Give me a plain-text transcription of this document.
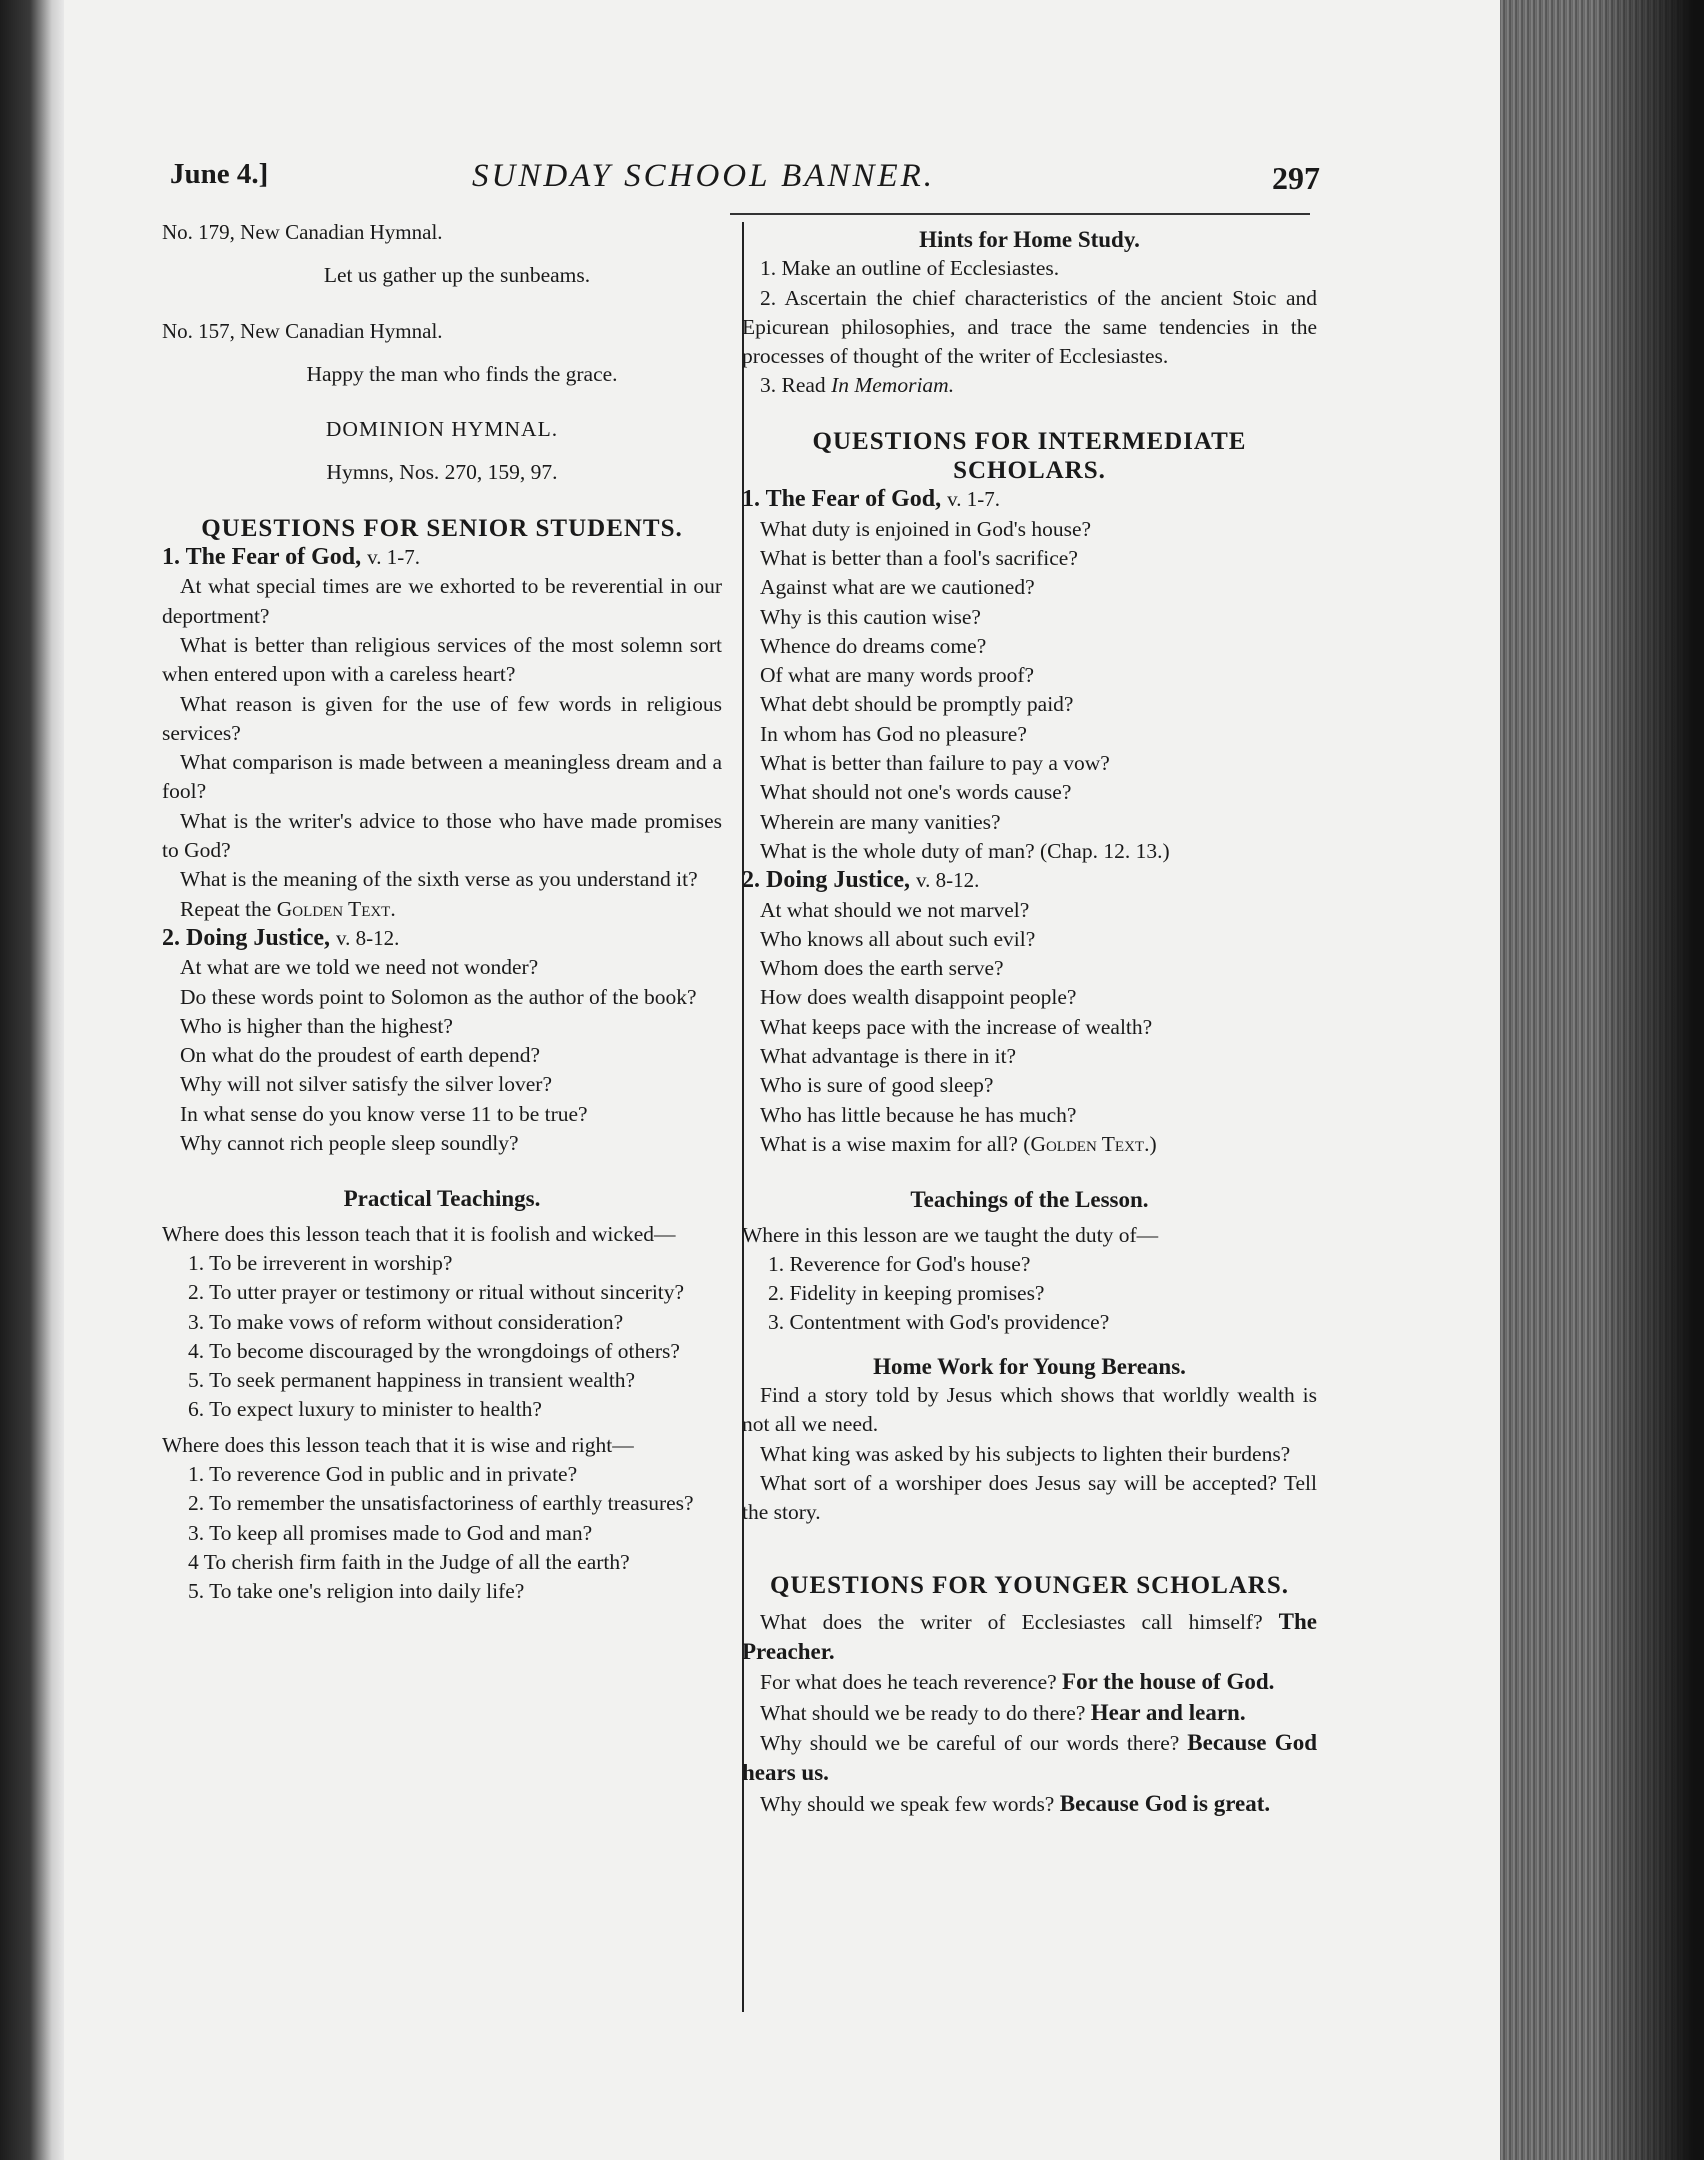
June 4.]	SUNDAY SCHOOL BANNER.	297

No. 179, New Canadian Hymnal.

Let us gather up the sunbeams.

No. 157, New Canadian Hymnal.

Happy the man who finds the grace.

DOMINION HYMNAL.

Hymns, Nos. 270, 159, 97.

QUESTIONS FOR SENIOR STUDENTS.

1. The Fear of God, v. 1-7.

At what special times are we exhorted to be reverential in our deportment?

What is better than religious services of the most solemn sort when entered upon with a careless heart?

What reason is given for the use of few words in religious services?

What comparison is made between a meaningless dream and a fool?

What is the writer's advice to those who have made promises to God?

What is the meaning of the sixth verse as you understand it?

Repeat the Golden Text.

2. Doing Justice, v. 8-12.

At what are we told we need not wonder?

Do these words point to Solomon as the author of the book?

Who is higher than the highest?

On what do the proudest of earth depend?

Why will not silver satisfy the silver lover?

In what sense do you know verse 11 to be true?

Why cannot rich people sleep soundly?

Practical Teachings.

Where does this lesson teach that it is foolish and wicked—

1. To be irreverent in worship?

2. To utter prayer or testimony or ritual without sincerity?

3. To make vows of reform without consideration?

4. To become discouraged by the wrongdoings of others?

5. To seek permanent happiness in transient wealth?

6. To expect luxury to minister to health?

Where does this lesson teach that it is wise and right—

1. To reverence God in public and in private?

2. To remember the unsatisfactoriness of earthly treasures?

3. To keep all promises made to God and man?

4 To cherish firm faith in the Judge of all the earth?

5. To take one's religion into daily life?

Hints for Home Study.

1. Make an outline of Ecclesiastes.

2. Ascertain the chief characteristics of the ancient Stoic and Epicurean philosophies, and trace the same tendencies in the processes of thought of the writer of Ecclesiastes.

3. Read In Memoriam.

QUESTIONS FOR INTERMEDIATE SCHOLARS.

1. The Fear of God, v. 1-7.

What duty is enjoined in God's house?

What is better than a fool's sacrifice?

Against what are we cautioned?

Why is this caution wise?

Whence do dreams come?

Of what are many words proof?

What debt should be promptly paid?

In whom has God no pleasure?

What is better than failure to pay a vow?

What should not one's words cause?

Wherein are many vanities?

What is the whole duty of man? (Chap. 12. 13.)

2. Doing Justice, v. 8-12.

At what should we not marvel?

Who knows all about such evil?

Whom does the earth serve?

How does wealth disappoint people?

What keeps pace with the increase of wealth?

What advantage is there in it?

Who is sure of good sleep?

Who has little because he has much?

What is a wise maxim for all? (Golden Text.)

Teachings of the Lesson.

Where in this lesson are we taught the duty of—

1. Reverence for God's house?

2. Fidelity in keeping promises?

3. Contentment with God's providence?

Home Work for Young Bereans.

Find a story told by Jesus which shows that worldly wealth is not all we need.

What king was asked by his subjects to lighten their burdens?

What sort of a worshiper does Jesus say will be accepted? Tell the story.

QUESTIONS FOR YOUNGER SCHOLARS.

What does the writer of Ecclesiastes call himself? The Preacher.

For what does he teach reverence? For the house of God.

What should we be ready to do there? Hear and learn.

Why should we be careful of our words there? Because God hears us.

Why should we speak few words? Because God is great.
